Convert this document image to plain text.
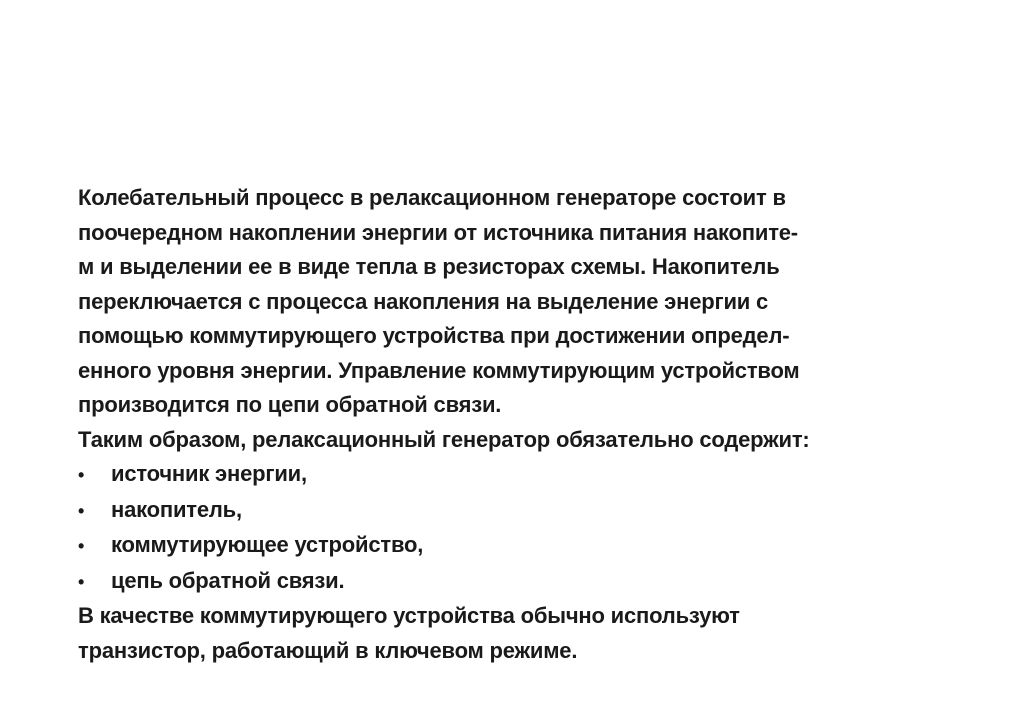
Колебательный процесс в релаксационном генераторе состоит в
поочередном накоплении энергии от источника питания накопите-
м и выделении ее в виде тепла в резисторах схемы. Накопитель
переключается с процесса накопления на выделение энергии с
помощью коммутирующего устройства при достижении определ-
енного уровня энергии. Управление коммутирующим устройством
производится по цепи обратной связи.
Таким образом, релаксационный генератор обязательно содержит:
•	источник энергии,
•	накопитель,
•	коммутирующее устройство,
•	цепь обратной связи.
В качестве коммутирующего устройства обычно используют
транзистор, работающий в ключевом режиме.
